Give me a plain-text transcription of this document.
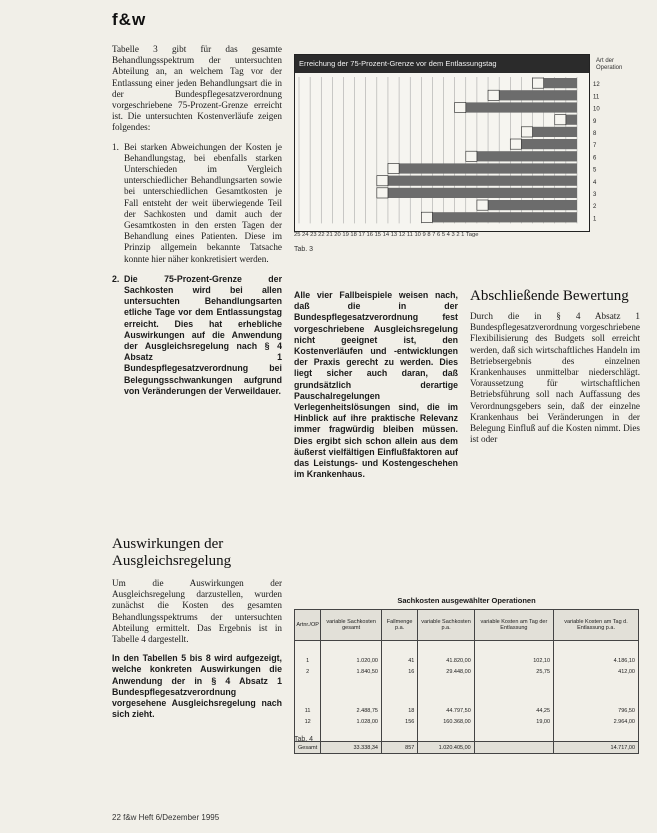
f&w

Tabelle 3 gibt für das gesamte Behandlungsspektrum der untersuchten Abteilung an, an welchem Tag vor der Entlassung einer jeden Behandlungsart die in der Bundespflegesatzverordnung vorgeschriebene 75-Prozent-Grenze erreicht ist. Die untersuchten Kostenverläufe zeigen folgendes:

1. Bei starken Abweichungen der Kosten je Behandlungstag, bei ebenfalls starken Unterschieden im Vergleich unterschiedlicher Behandlungsarten sowie bei unterschiedlichen Gesamtkosten je Fall entsteht der weit überwiegende Teil der Sachkosten und damit auch der Gesamtkosten in den ersten Tagen der Behandlung eines Patienten. Diese im Prinzip allgemein bekannte Tatsache konnte hier näher konkretisiert werden.
2. Die 75-Prozent-Grenze der Sachkosten wird bei allen untersuchten Behandlungsarten etliche Tage vor dem Entlassungstag erreicht. Dies hat erhebliche Auswirkungen auf die Anwendung der Ausgleichsregelung nach § 4 Absatz 1 Bundespflegesatzverordnung bei Belegungsschwankungen aufgrund von Veränderungen der Verweildauer.
Auswirkungen der Ausgleichsregelung

Um die Auswirkungen der Ausgleichsregelung darzustellen, wurden zunächst die Kosten des gesamten Behandlungsspektrums der untersuchten Abteilung ermittelt. Das Ergebnis ist in Tabelle 4 dargestellt.

In den Tabellen 5 bis 8 wird aufgezeigt, welche konkreten Auswirkungen die Anwendung der in § 4 Absatz 1 Bundespflegesatzverordnung vorgesehene Ausgleichsregelung nach sich zieht.

Erreichung der 75-Prozent-Grenze vor dem Entlassungstag
12
11
10
9
8
7
6
5
4
3
2
1
Art der Operation
25 24 23 22 21 20 19 18 17 16 15 14 13 12 11 10 9 8 7 6 5 4 3 2 1 Tage
Tab. 3

Alle vier Fallbeispiele weisen nach, daß die in der Bundespflegesatzverordnung fest vorgeschriebene Ausgleichsregelung nicht geeignet ist, den Kostenverläufen und -entwicklungen der Praxis gerecht zu werden. Dies liegt sicher auch daran, daß grundsätzlich derartige Pauschalregelungen Verlegenheitslösungen sind, die im Hinblick auf ihre praktische Relevanz immer fragwürdig bleiben müssen. Dies ergibt sich schon allein aus dem äußerst vielfältigen Einflußfaktoren auf das Leistungs- und Kostengeschehen im Krankenhaus.

Abschließende Bewertung

Durch die in § 4 Absatz 1 Bundespflegesatzverordnung vorgeschriebene Flexibilisierung des Budgets soll erreicht werden, daß sich wirtschaftliches Handeln im Betriebsergebnis des einzelnen Krankenhauses unmittelbar niederschlägt. Voraussetzung für wirtschaftlichen Betriebsführung soll nach Auffassung des Verordnungsgebers sein, daß der einzelne Krankenhaus bei Veränderungen in der Belegung Einfluß auf die Kosten nimmt. Dies ist oder

Sachkosten ausgewählter Operationen
Artnr./OP	variable Sachkosten gesamt	Fallmenge p.a.	variable Sachkosten p.a.	variable Kosten am Tag der Entlassung	variable Kosten am Tag d. Entlassung p.a.

1	1.020,00	41	41.820,00	102,10	4.186,10
2	1.840,50	16	29.448,00	25,75	412,00

11	2.488,75	18	44.797,50	44,25	796,50
12	1.028,00	156	160.368,00	19,00	2.964,00

Gesamt	33.338,34	857	1.020.405,00		14.717,00
Tab. 4
22 f&w Heft 6/Dezember 1995
